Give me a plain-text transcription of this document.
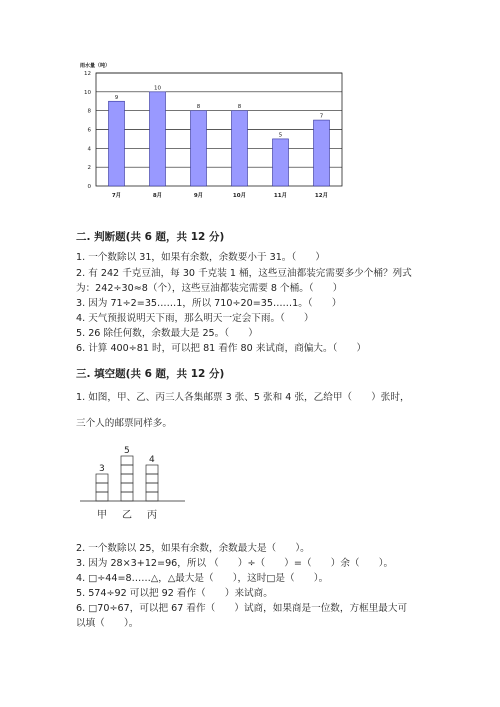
雨水量（吨）
0
2
4
6
8
10
12
9
7月
10
8月
8
9月
8
10月
5
11月
7
12月
二. 判断题(共 6 题，共 12 分)
1. 一个数除以 31，如果有余数，余数要小于 31。（　　）
2. 有 242 千克豆油，每 30 千克装 1 桶，这些豆油都装完需要多少个桶？列式
为：242÷30≈8（个），这些豆油都装完需要 8 个桶。（　　）
3. 因为 71÷2=35……1，所以 710÷20=35……1。（　　）
4. 天气预报说明天下雨，那么明天一定会下雨。（　　）
5. 26 除任何数，余数最大是 25。（　　）
6. 计算 400÷81 时，可以把 81 看作 80 来试商，商偏大。（　　）
三. 填空题(共 6 题，共 12 分)
1. 如图，甲、乙、丙三人各集邮票 3 张、5 张和 4 张，乙给甲（　　）张时，
三个人的邮票同样多。
3
甲
5
乙
4
丙
2. 一个数除以 25，如果有余数，余数最大是（　　）。
3. 因为 28×3+12=96，所以 （　　）÷（　　）=（　　）余（　　）。
4. □÷44=8……△，△最大是（　　），这时□是（　　）。
5. 574÷92 可以把 92 看作（　　）来试商。
6. □70÷67，可以把 67 看作（　　）试商，如果商是一位数，方框里最大可
以填（　　）。
